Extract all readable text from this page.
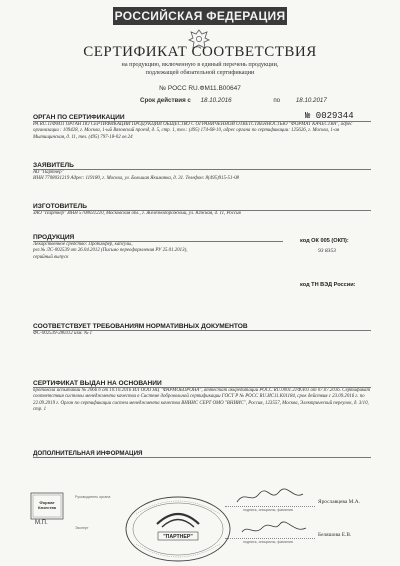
РОССИЙСКАЯ ФЕДЕРАЦИЯ
СЕРТИФИКАТ СООТВЕТСТВИЯ
на продукцию, включенную в единый перечень продукции,
подлежащей обязательной сертификации
№ РОСС RU.ФМ11.В00647
Срок действия с 18.10.2016	по	18.10.2017
№ 0029344
ОРГАН ПО СЕРТИФИКАЦИИ
РА RU.11ФМ11 ОРГАН ПО СЕРТИФИКАЦИИ ПРОДУКЦИИ ОБЩЕСТВО С ОГРАНИЧЕННОЙ ОТВЕТСТВЕННОСТЬЮ "ФОРМАТ КАЧЕСТВА", адрес организации : 109428, г. Москва, 1-ый Вязовский проезд, д. 5, стр. 1, тел.: (495) 174-68-10, адрес органа по сертификации: 125626, г. Москва, 1-ая Мытищинская, д. 11, тел. (495) 797-18-02 ов 24
ЗАЯВИТЕЛЬ
АО "Партнер"
ИНН 7708031219 Адрес: 119180, г. Москва, ул. Большая Якиманка, д. 31. Телефон: 8(495)915-51-08
ИЗГОТОВИТЕЛЬ
ЗАО "Партнер" ИНН 5708031220, Московская обл., г. Железнодорожный, ул. Южная, д. 11, Россия
ПРОДУКЦИЯ
Лекарственное средство: Пробиофер, капсулы,
рег.№ ЛС-002539 от 26.04.2012 (Письмо переоформления РУ 25.01.2013),
серийный выпуск
код ОК 005 (ОКП):
93 8353
код ТН ВЭД России:
СООТВЕТСТВУЕТ ТРЕБОВАНИЯМ НОРМАТИВНЫХ ДОКУМЕНТОВ
ФС-002539-280312 изм. № 1
СЕРТИФИКАТ ВЫДАН НА ОСНОВАНИИ
протокола испытаний № 2066 б от 10.10.2016 ИЛ ООО НЦ "ФАРМОБОРОНА", аттестат аккредитации РОСС RU.0001.21ФЛ01 от 07.07.2016. Сертификат соответствия системы менеджмента качества в Системе добровольной сертификации ГОСТ Р № РОСС RU.ИС11.К01184, срок действия с 23.09.2016 г. по 22.09.2019 г. Орган по сертификации систем менеджмента качества ВНИИС СЕРТ ОМО "ВНИИС", Россия, 123557, Москва, Электрический переулок, д. 3/10, стр. 1
ДОПОЛНИТЕЛЬНАЯ ИНФОРМАЦИЯ
Формат
Качества
М.П.
Руководитель органа
Эксперт
"ПАРТНЕР"
подпись, инициалы, фамилия
Ярославцева М.А.
подпись, инициалы, фамилия
Беляшова Е.В.
